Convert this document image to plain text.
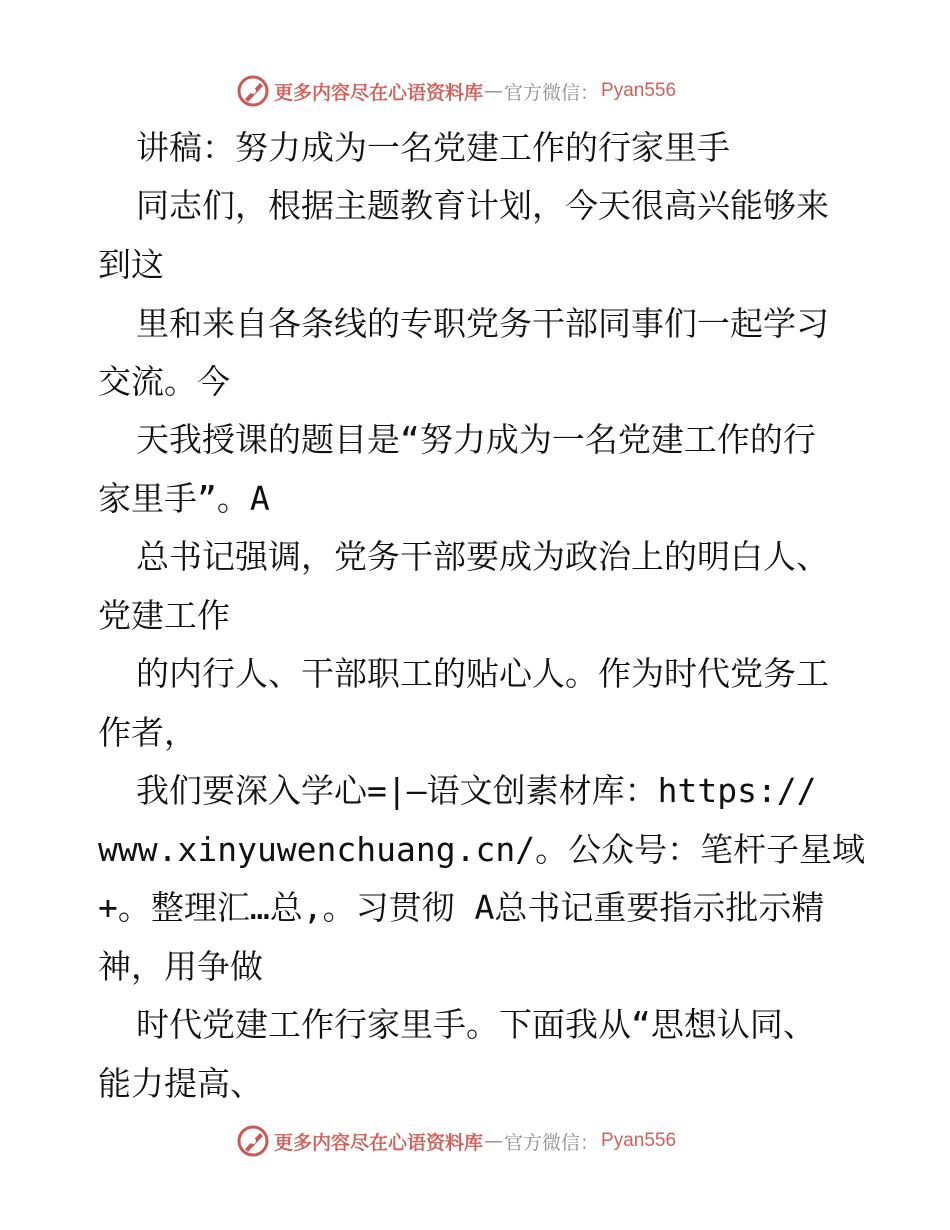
更多内容尽在心语资料库 — 官方微信： Pyan556
讲稿：努力成为一名党建工作的行家里手
同志们，根据主题教育计划，今天很高兴能够来
到这
里和来自各条线的专职党务干部同事们一起学习
交流。今
天我授课的题目是“努力成为一名党建工作的行
家里手”。A
总书记强调，党务干部要成为政治上的明白人、
党建工作
的内行人、干部职工的贴心人。作为时代党务工
作者，
我们要深入学心=|—语文创素材库：https://
www.xinyuwenchuang.cn/。公众号：笔杆子星域
+。整理汇…总,。习贯彻 A总书记重要指示批示精
神，用争做
时代党建工作行家里手。下面我从“思想认同、
能力提高、
更多内容尽在心语资料库 — 官方微信： Pyan556
